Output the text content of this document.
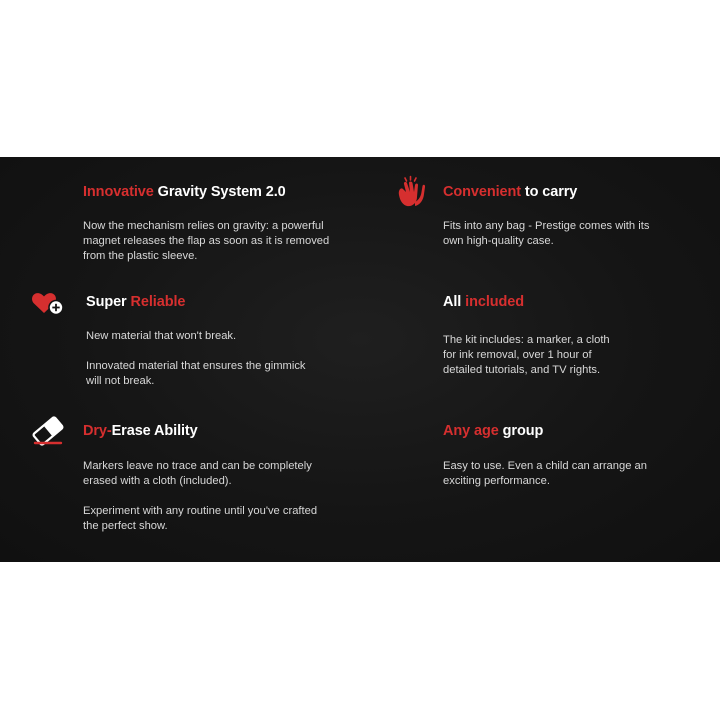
Innovative Gravity System 2.0
Now the mechanism relies on gravity: a powerful
magnet releases the flap as soon as it is removed
from the plastic sleeve.
Convenient to carry
Fits into any bag - Prestige comes with its
own high-quality case.
Super Reliable

New material that won't break.

Innovated material that ensures the gimmick
will not break.

All included
The kit includes: a marker, a cloth
for ink removal, over 1 hour of
detailed tutorials, and TV rights.
Dry-Erase Ability

Markers leave no trace and can be completely
erased with a cloth (included).

Experiment with any routine until you've crafted
the perfect show.

Any age group
Easy to use. Even a child can arrange an
exciting performance.
